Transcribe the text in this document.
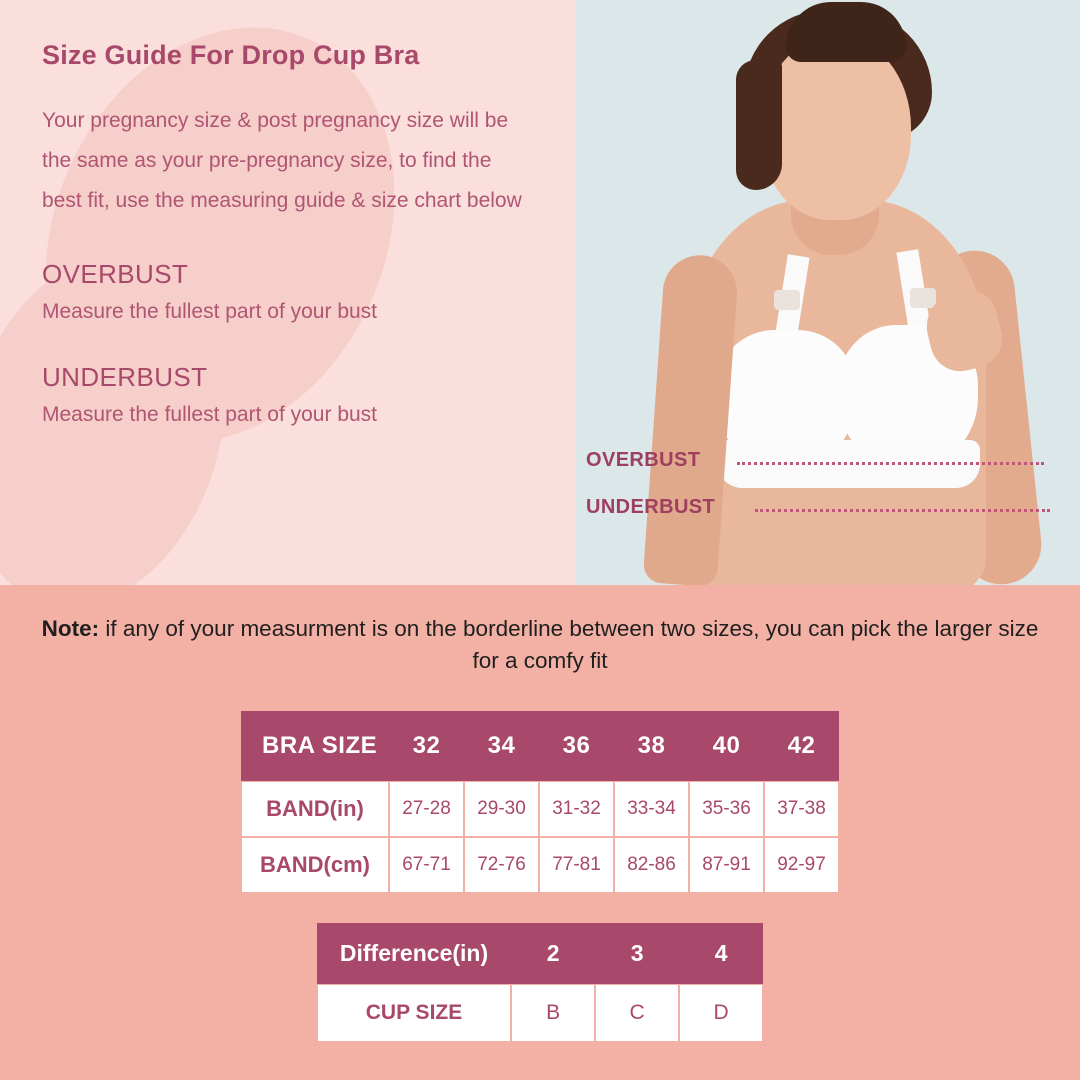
Size Guide For Drop Cup Bra
Your pregnancy size & post pregnancy size will be the same as your pre-pregnancy size, to find the best fit, use the measuring guide & size chart below
OVERBUST
Measure the fullest part of your bust
UNDERBUST
Measure the fullest part of your bust
OVERBUST
UNDERBUST
Note: if any of your measurment is on the borderline between two sizes, you can pick the larger size for a comfy fit
BRA SIZE	32	34	36	38	40	42
BAND(in)	27-28	29-30	31-32	33-34	35-36	37-38
BAND(cm)	67-71	72-76	77-81	82-86	87-91	92-97
Difference(in)	2	3	4
CUP SIZE	B	C	D
